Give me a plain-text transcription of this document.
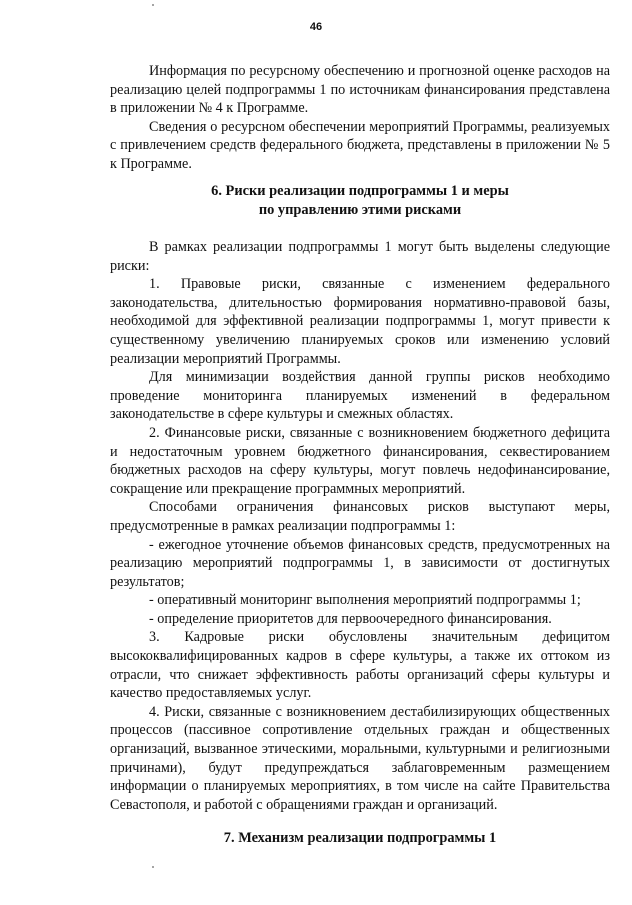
46

Информация по ресурсному обеспечению и прогнозной оценке расходов на реализацию целей подпрограммы 1 по источникам финансирования представлена в приложении № 4 к Программе.

Сведения о ресурсном обеспечении мероприятий Программы, реализуемых с привлечением средств федерального бюджета, представлены в приложении № 5 к Программе.

6. Риски реализации подпрограммы 1 и меры
по управлению этими рисками

В рамках реализации подпрограммы 1 могут быть выделены следующие риски:

1. Правовые риски, связанные с изменением федерального законодательства, длительностью формирования нормативно-правовой базы, необходимой для эффективной реализации подпрограммы 1, могут привести к существенному увеличению планируемых сроков или изменению условий реализации мероприятий Программы.

Для минимизации воздействия данной группы рисков необходимо проведение мониторинга планируемых изменений в федеральном законодательстве в сфере культуры и смежных областях.

2. Финансовые риски, связанные с возникновением бюджетного дефицита и недостаточным уровнем бюджетного финансирования, секвестированием бюджетных расходов на сферу культуры, могут повлечь недофинансирование, сокращение или прекращение программных мероприятий.

Способами ограничения финансовых рисков выступают меры, предусмотренные в рамках реализации подпрограммы 1:

- ежегодное уточнение объемов финансовых средств, предусмотренных на реализацию мероприятий подпрограммы 1, в зависимости от достигнутых результатов;

- оперативный мониторинг выполнения мероприятий подпрограммы 1;

- определение приоритетов для первоочередного финансирования.

3. Кадровые риски обусловлены значительным дефицитом высококвалифицированных кадров в сфере культуры, а также их оттоком из отрасли, что снижает эффективность работы организаций сферы культуры и качество предоставляемых услуг.

4. Риски, связанные с возникновением дестабилизирующих общественных процессов (пассивное сопротивление отдельных граждан и общественных организаций, вызванное этическими, моральными, культурными и религиозными причинами), будут предупреждаться заблаговременным размещением информации о планируемых мероприятиях, в том числе на сайте Правительства Севастополя, и работой с обращениями граждан и организаций.

7. Механизм реализации подпрограммы 1
